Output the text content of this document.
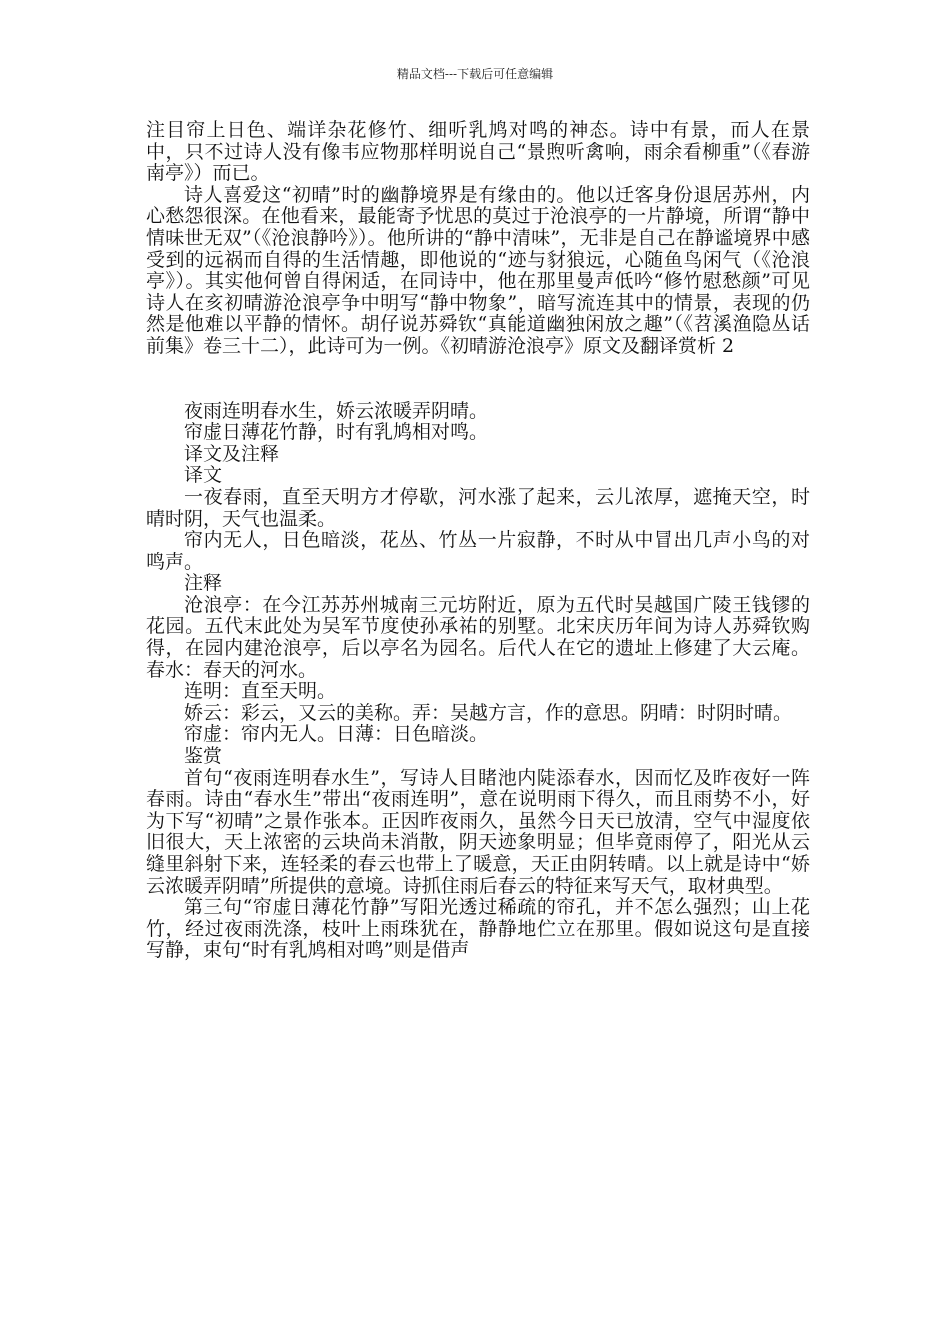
精品文档---下载后可任意编辑

注目帘上日色、端详杂花修竹、细听乳鸠对鸣的神态。诗中有景，而人在景中，只不过诗人没有像韦应物那样明说自己“景煦听禽响，雨余看柳重”（《春游南亭》）而已。

诗人喜爱这“初晴”时的幽静境界是有缘由的。他以迁客身份退居苏州，内心愁怨很深。在他看来，最能寄予忧思的莫过于沧浪亭的一片静境，所谓“静中情味世无双”（《沧浪静吟》）。他所讲的“静中清味”，无非是自己在静谧境界中感受到的远祸而自得的生活情趣，即他说的“迹与豺狼远，心随鱼鸟闲气（《沧浪亭》）。其实他何曾自得闲适，在同诗中，他在那里曼声低吟“修竹慰愁颜”可见诗人在亥初晴游沧浪亭争中明写“静中物象”，暗写流连其中的情景，表现的仍然是他难以平静的情怀。胡仔说苏舜钦“真能道幽独闲放之趣”（《苕溪渔隐丛话前集》卷三十二），此诗可为一例。《初晴游沧浪亭》原文及翻译赏析 2

夜雨连明春水生，娇云浓暖弄阴晴。

帘虚日薄花竹静，时有乳鸠相对鸣。

译文及注释

译文

一夜春雨，直至天明方才停歇，河水涨了起来，云儿浓厚，遮掩天空，时晴时阴，天气也温柔。

帘内无人，日色暗淡，花丛、竹丛一片寂静，不时从中冒出几声小鸟的对鸣声。

注释

沧浪亭：在今江苏苏州城南三元坊附近，原为五代时吴越国广陵王钱镠的花园。五代末此处为吴军节度使孙承祐的别墅。北宋庆历年间为诗人苏舜钦购得，在园内建沧浪亭，后以亭名为园名。后代人在它的遗址上修建了大云庵。春水：春天的河水。

连明：直至天明。

娇云：彩云，又云的美称。弄：吴越方言，作的意思。阴晴：时阴时晴。

帘虚：帘内无人。日薄：日色暗淡。

鉴赏

首句“夜雨连明春水生”，写诗人目睹池内陡添春水，因而忆及昨夜好一阵春雨。诗由“春水生”带出“夜雨连明”，意在说明雨下得久，而且雨势不小，好为下写“初晴”之景作张本。正因昨夜雨久，虽然今日天已放清，空气中湿度依旧很大，天上浓密的云块尚未消散，阴天迹象明显；但毕竟雨停了，阳光从云缝里斜射下来，连轻柔的春云也带上了暖意，天正由阴转晴。以上就是诗中“娇云浓暖弄阴晴”所提供的意境。诗抓住雨后春云的特征来写天气，取材典型。

第三句“帘虚日薄花竹静”写阳光透过稀疏的帘孔，并不怎么强烈；山上花竹，经过夜雨洗涤，枝叶上雨珠犹在，静静地伫立在那里。假如说这句是直接写静，束句“时有乳鸠相对鸣”则是借声
